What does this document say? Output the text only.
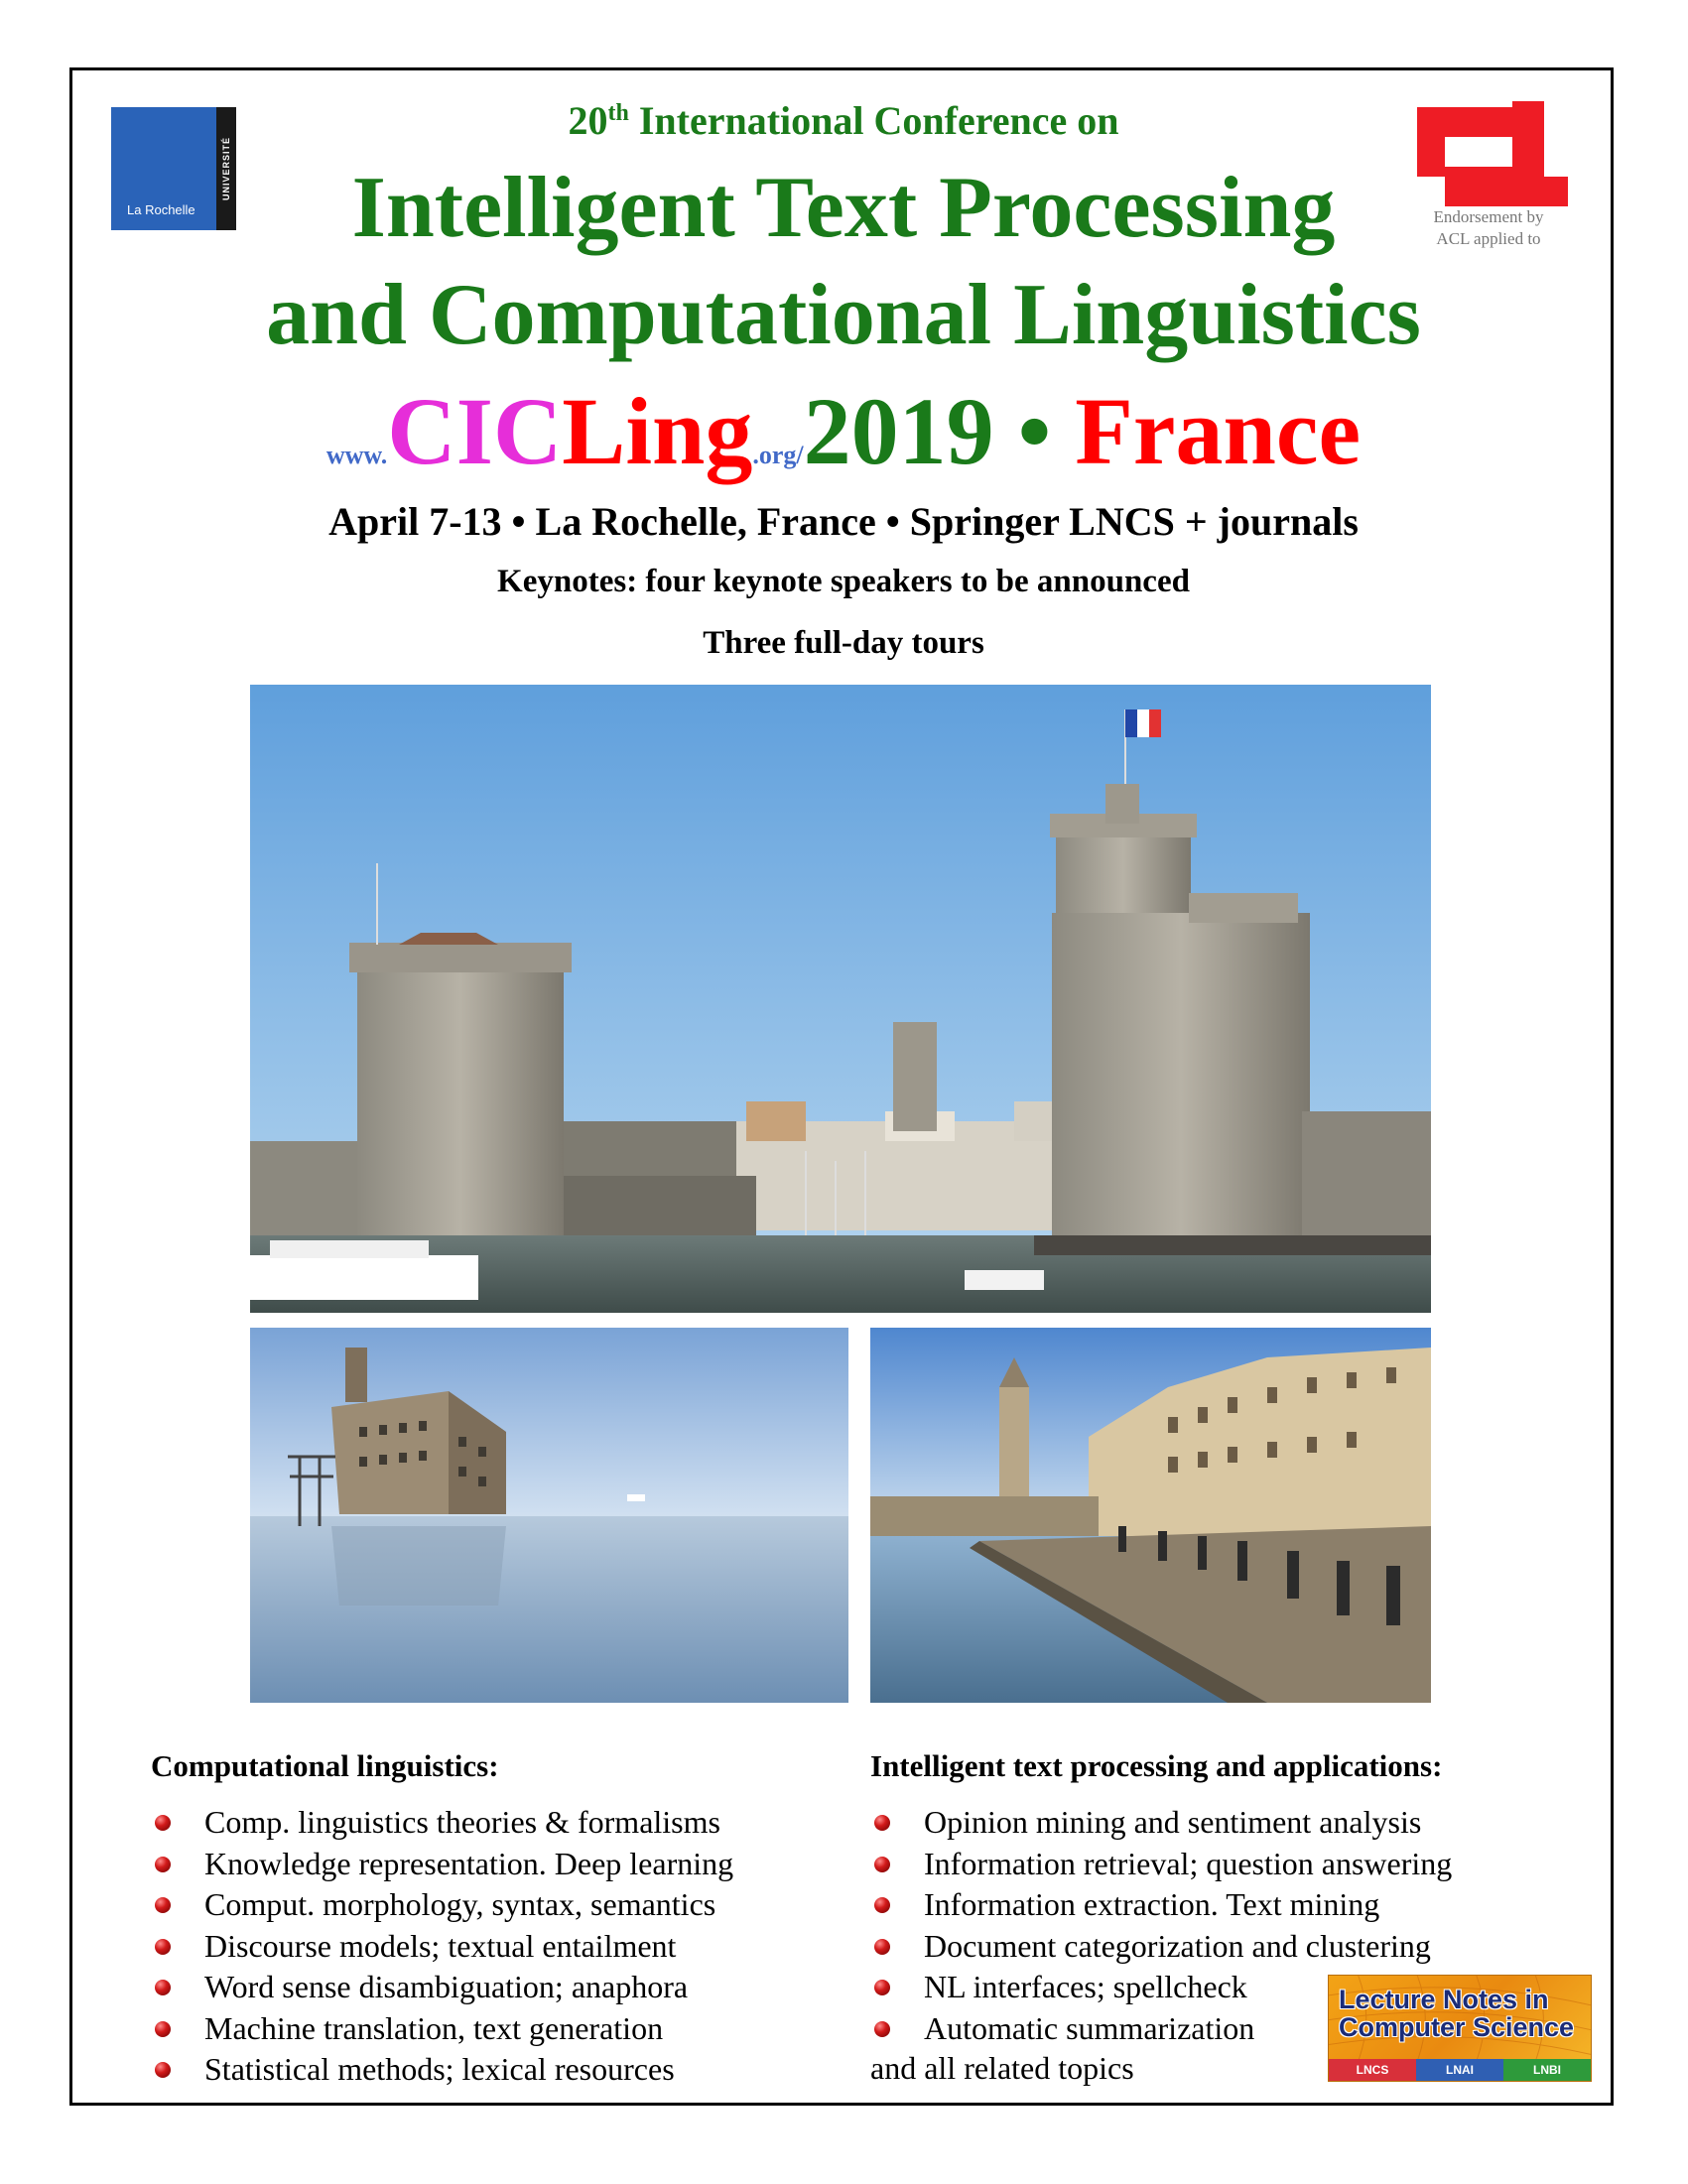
UNIVERSITÉ
La Rochelle	Endorsement by
ACL applied to
20th International Conference on
Intelligent Text Processing
and Computational Linguistics
www.CICLing.org/2019 • France
April 7-13 • La Rochelle, France • Springer LNCS + journals
Keynotes: four keynote speakers to be announced
Three full-day tours
Computational linguistics:
Comp. linguistics theories & formalisms
Knowledge representation. Deep learning
Comput. morphology, syntax, semantics
Discourse models; textual entailment
Word sense disambiguation; anaphora
Machine translation, text generation
Statistical methods; lexical resources
Intelligent text processing and applications:
Opinion mining and sentiment analysis
Information retrieval; question answering
Information extraction. Text mining
Document categorization and clustering
NL interfaces; spellcheck
Automatic summarization
and all related topics
Lecture Notes in
Computer Science
LNCS	LNAI	LNBI
